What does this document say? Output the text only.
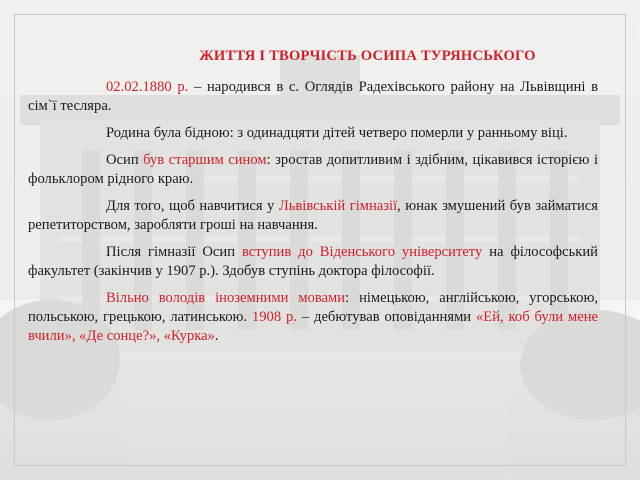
ЖИТТЯ І ТВОРЧІСТЬ ОСИПА ТУРЯНСЬКОГО

02.02.1880 р. – народився в с. Оглядів Радехівського району на Львівщині в сім`ї тесляра.

Родина була бідною: з одинадцяти дітей четверо померли у ранньому віці.

Осип був старшим сином: зростав допитливим і здібним, цікавився історією і фольклором рідного краю.

Для того, щоб навчитися у Львівській гімназії, юнак змушений був займатися репетиторством, заробляти гроші на навчання.

Після гімназії Осип вступив до Віденського університету на філософський факультет (закінчив у 1907 р.). Здобув ступінь доктора філософії.

Вільно володів іноземними мовами: німецькою, англійською, угорською, польською, грецькою, латинською. 1908 р. – дебютував оповіданнями «Ей, коб були мене вчили», «Де сонце?», «Курка».
